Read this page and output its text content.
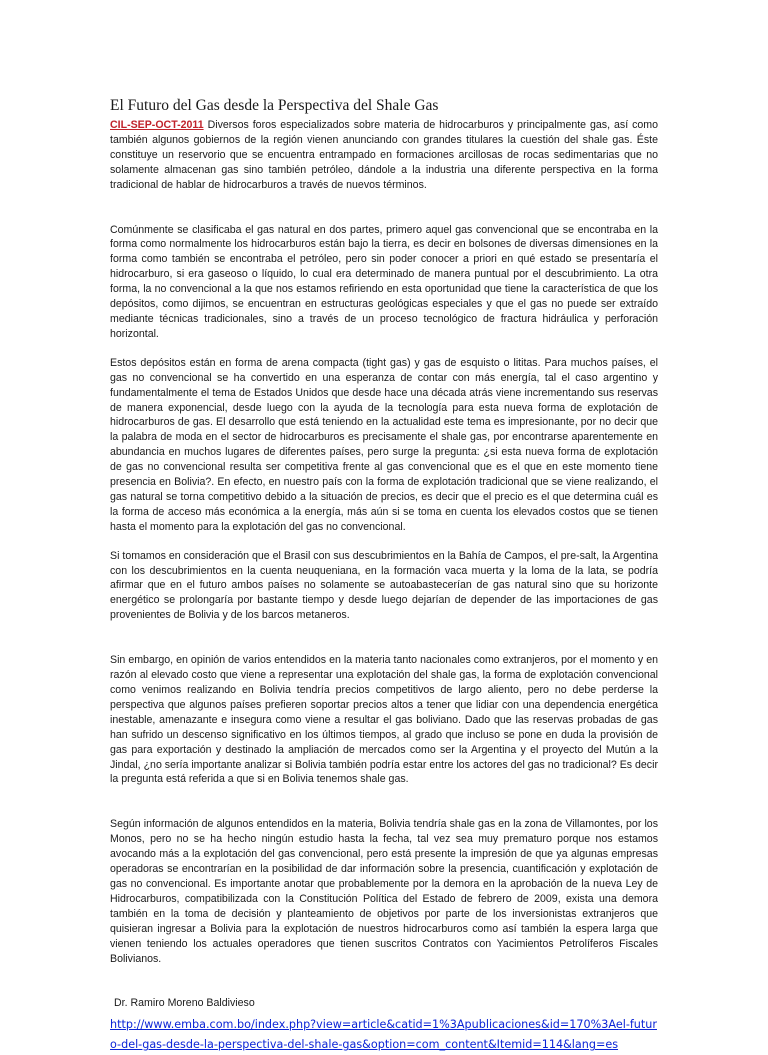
El Futuro del Gas desde la Perspectiva del Shale Gas

CIL-SEP-OCT-2011 Diversos foros especializados sobre materia de hidrocarburos y principalmente gas, así como también algunos gobiernos de la región vienen anunciando con grandes titulares la cuestión del shale gas. Éste constituye un reservorio que se encuentra entrampado en formaciones arcillosas de rocas sedimentarias que no solamente almacenan gas sino también petróleo, dándole a la industria una diferente perspectiva en la forma tradicional de hablar de hidrocarburos a través de nuevos términos.

Comúnmente se clasificaba el gas natural en dos partes, primero aquel gas convencional que se encontraba en la forma como normalmente los hidrocarburos están bajo la tierra, es decir en bolsones de diversas dimensiones en la forma como también se encontraba el petróleo, pero sin poder conocer a priori en qué estado se presentaría el hidrocarburo, si era gaseoso o líquido, lo cual era determinado de manera puntual por el descubrimiento. La otra forma, la no convencional a la que nos estamos refiriendo en esta oportunidad que tiene la característica de que los depósitos, como dijimos, se encuentran en estructuras geológicas especiales y que el gas no puede ser extraído mediante técnicas tradicionales, sino a través de un proceso tecnológico de fractura hidráulica y perforación horizontal.

Estos depósitos están en forma de arena compacta (tight gas) y gas de esquisto o lititas. Para muchos países, el gas no convencional se ha convertido en una esperanza de contar con más energía, tal el caso argentino y fundamentalmente el tema de Estados Unidos que desde hace una década atrás viene incrementando sus reservas de manera exponencial, desde luego con la ayuda de la tecnología para esta nueva forma de explotación de hidrocarburos de gas. El desarrollo que está teniendo en la actualidad este tema es impresionante, por no decir que la palabra de moda en el sector de hidrocarburos es precisamente el shale gas, por encontrarse aparentemente en abundancia en muchos lugares de diferentes países, pero surge la pregunta: ¿si esta nueva forma de explotación de gas no convencional resulta ser competitiva frente al gas convencional que es el que en este momento tiene presencia en Bolivia?. En efecto, en nuestro país con la forma de explotación tradicional que se viene realizando, el gas natural se torna competitivo debido a la situación de precios, es decir que el precio es el que determina cuál es la forma de acceso más económica a la energía, más aún si se toma en cuenta los elevados costos que se tienen hasta el momento para la explotación del gas no convencional.

Si tomamos en consideración que el Brasil con sus descubrimientos en la Bahía de Campos, el pre-salt, la Argentina con los descubrimientos en la cuenta neuqueniana, en la formación vaca muerta y la loma de la lata, se podría afirmar que en el futuro ambos países no solamente se autoabastecerían de gas natural sino que su horizonte energético se prolongaría por bastante tiempo y desde luego dejarían de depender de las importaciones de gas provenientes de Bolivia y de los barcos metaneros.

Sin embargo, en opinión de varios entendidos en la materia tanto nacionales como extranjeros, por el momento y en razón al elevado costo que viene a representar una explotación del shale gas, la forma de explotación convencional como venimos realizando en Bolivia tendría precios competitivos de largo aliento, pero no debe perderse la perspectiva que algunos países prefieren soportar precios altos a tener que lidiar con una dependencia energética inestable, amenazante e insegura como viene a resultar el gas boliviano. Dado que las reservas probadas de gas han sufrido un descenso significativo en los últimos tiempos, al grado que incluso se pone en duda la provisión de gas para exportación y destinado la ampliación de mercados como ser la Argentina y el proyecto del Mutún a la Jindal, ¿no sería importante analizar si Bolivia también podría estar entre los actores del gas no tradicional? Es decir la pregunta está referida a que si en Bolivia tenemos shale gas.

Según información de algunos entendidos en la materia, Bolivia tendría shale gas en la zona de Villamontes, por los Monos, pero no se ha hecho ningún estudio hasta la fecha, tal vez sea muy prematuro porque nos estamos avocando más a la explotación del gas convencional, pero está presente la impresión de que ya algunas empresas operadoras se encontrarían en la posibilidad de dar información sobre la presencia, cuantificación y explotación de gas no convencional. Es importante anotar que probablemente por la demora en la aprobación de la nueva Ley de Hidrocarburos, compatibilizada con la Constitución Política del Estado de febrero de 2009, exista una demora también en la toma de decisión y planteamiento de objetivos por parte de los inversionistas extranjeros que quisieran ingresar a Bolivia para la explotación de nuestros hidrocarburos como así también la espera larga que vienen teniendo los actuales operadores que tienen suscritos Contratos con Yacimientos Petrolíferos Fiscales Bolivianos.

Dr. Ramiro Moreno Baldivieso

http://www.emba.com.bo/index.php?view=article&catid=1%3Apublicaciones&id=170%3Ael-futuro-del-gas-desde-la-perspectiva-del-shale-gas&option=com_content&Itemid=114&lang=es
